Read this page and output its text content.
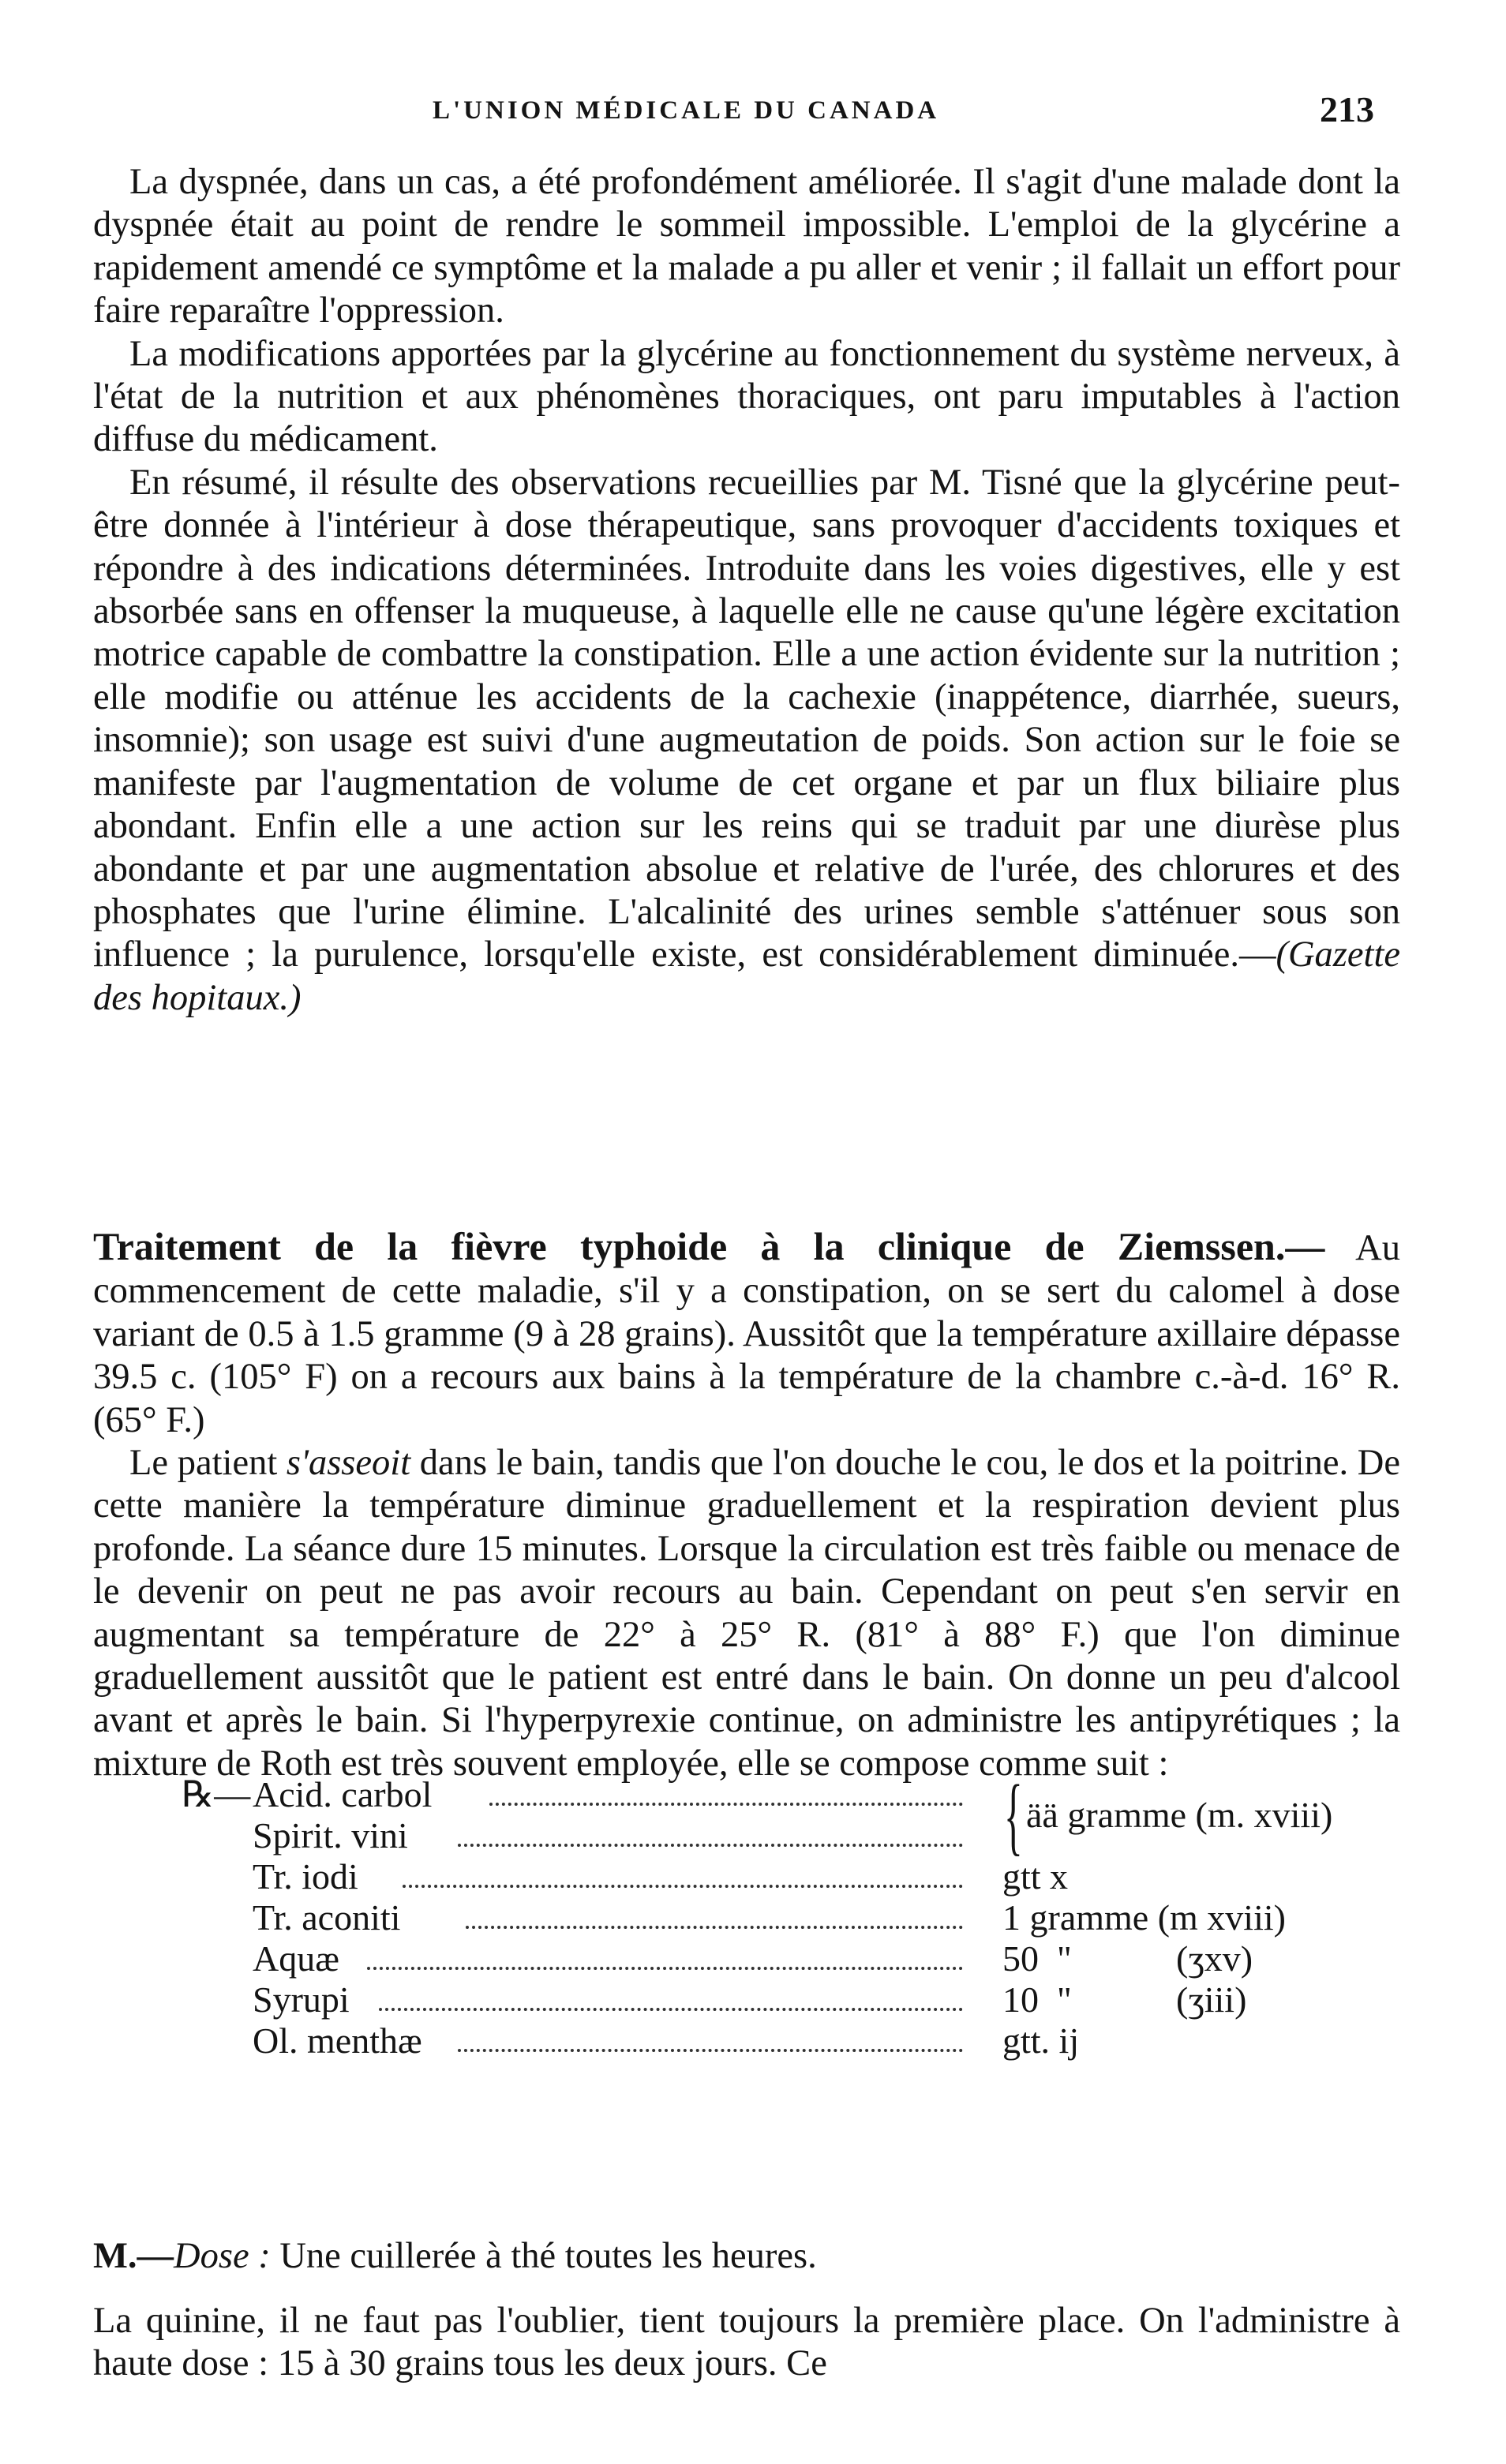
L'UNION MÉDICALE DU CANADA	213

La dyspnée, dans un cas, a été profondément améliorée. Il s'agit d'une malade dont la dyspnée était au point de rendre le sommeil impossible. L'emploi de la glycérine a rapidement amendé ce symptôme et la malade a pu aller et venir ; il fallait un effort pour faire reparaître l'oppression.

La modifications apportées par la glycérine au fonctionnement du système nerveux, à l'état de la nutrition et aux phénomènes thoraciques, ont paru imputables à l'action diffuse du médicament.

En résumé, il résulte des observations recueillies par M. Tisné que la glycérine peut-être donnée à l'intérieur à dose thérapeutique, sans provoquer d'accidents toxiques et répondre à des indications déterminées. Introduite dans les voies digestives, elle y est absorbée sans en offenser la muqueuse, à laquelle elle ne cause qu'une légère excitation motrice capable de combattre la constipation. Elle a une action évidente sur la nutrition ; elle modifie ou atténue les accidents de la cachexie (inappétence, diarrhée, sueurs, insomnie); son usage est suivi d'une augmeutation de poids. Son action sur le foie se manifeste par l'augmentation de volume de cet organe et par un flux biliaire plus abondant. Enfin elle a une action sur les reins qui se traduit par une diurèse plus abondante et par une augmentation absolue et relative de l'urée, des chlorures et des phosphates que l'urine élimine. L'alcalinité des urines semble s'atténuer sous son influence ; la purulence, lorsqu'elle existe, est considérablement diminuée.—(Gazette des hopitaux.)

Traitement de la fièvre typhoide à la clinique de Ziemssen.— Au commencement de cette maladie, s'il y a constipation, on se sert du calomel à dose variant de 0.5 à 1.5 gramme (9 à 28 grains). Aussitôt que la température axillaire dépasse 39.5 c. (105° F) on a recours aux bains à la température de la chambre c.-à-d. 16° R. (65° F.)

Le patient s'asseoit dans le bain, tandis que l'on douche le cou, le dos et la poitrine. De cette manière la température diminue graduellement et la respiration devient plus profonde. La séance dure 15 minutes. Lorsque la circulation est très faible ou menace de le devenir on peut ne pas avoir recours au bain. Cependant on peut s'en servir en augmentant sa température de 22° à 25° R. (81° à 88° F.) que l'on diminue graduellement aussitôt que le patient est entré dans le bain. On donne un peu d'alcool avant et après le bain. Si l'hyperpyrexie continue, on administre les antipyrétiques ; la mixture de Roth est très souvent employée, elle se compose comme suit :

℞— Acid. carbol	{ ää gramme (m. xviii)
Spirit. vini
Tr. iodi	gtt x
Tr. aconiti	1 gramme (m xviii)
Aquæ	50  "	(ʒxv)
Syrupi	10  "	(ʒiii)
Ol. menthæ	gtt. ij
M.—Dose : Une cuillerée à thé toutes les heures.

La quinine, il ne faut pas l'oublier, tient toujours la première place. On l'administre à haute dose : 15 à 30 grains tous les deux jours. Ce
